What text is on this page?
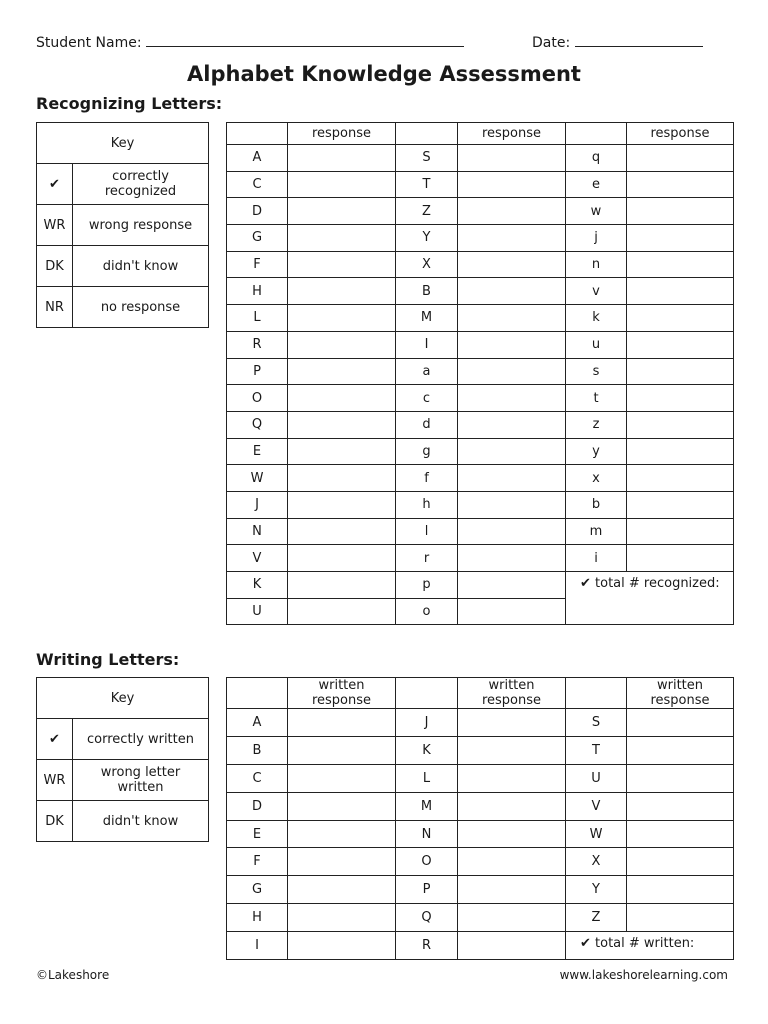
Student Name:	Date:
Alphabet Knowledge Assessment
Recognizing Letters:
Key	
✔	correctly recognized
WR	wrong response
DK	didn't know
NR	no response
	response		response		response
A		S		q	
C		T		e	
D		Z		w	
G		Y		j	
F		X		n	
H		B		v	
L		M		k	
R		I		u	
P		a		s	
O		c		t	
Q		d		z	
E		g		y	
W		f		x	
J		h		b	
N		l		m	
V		r		i	
K		p		✔ total # recognized:	
U		o			
Writing Letters:
Key	
✔	correctly written
WR	wrong letter written
DK	didn't know
	written response		written response		written response
A		J		S	
B		K		T	
C		L		U	
D		M		V	
E		N		W	
F		O		X	
G		P		Y	
H		Q		Z	
I		R		✔ total # written:	
©Lakeshore	www.lakeshorelearning.com
